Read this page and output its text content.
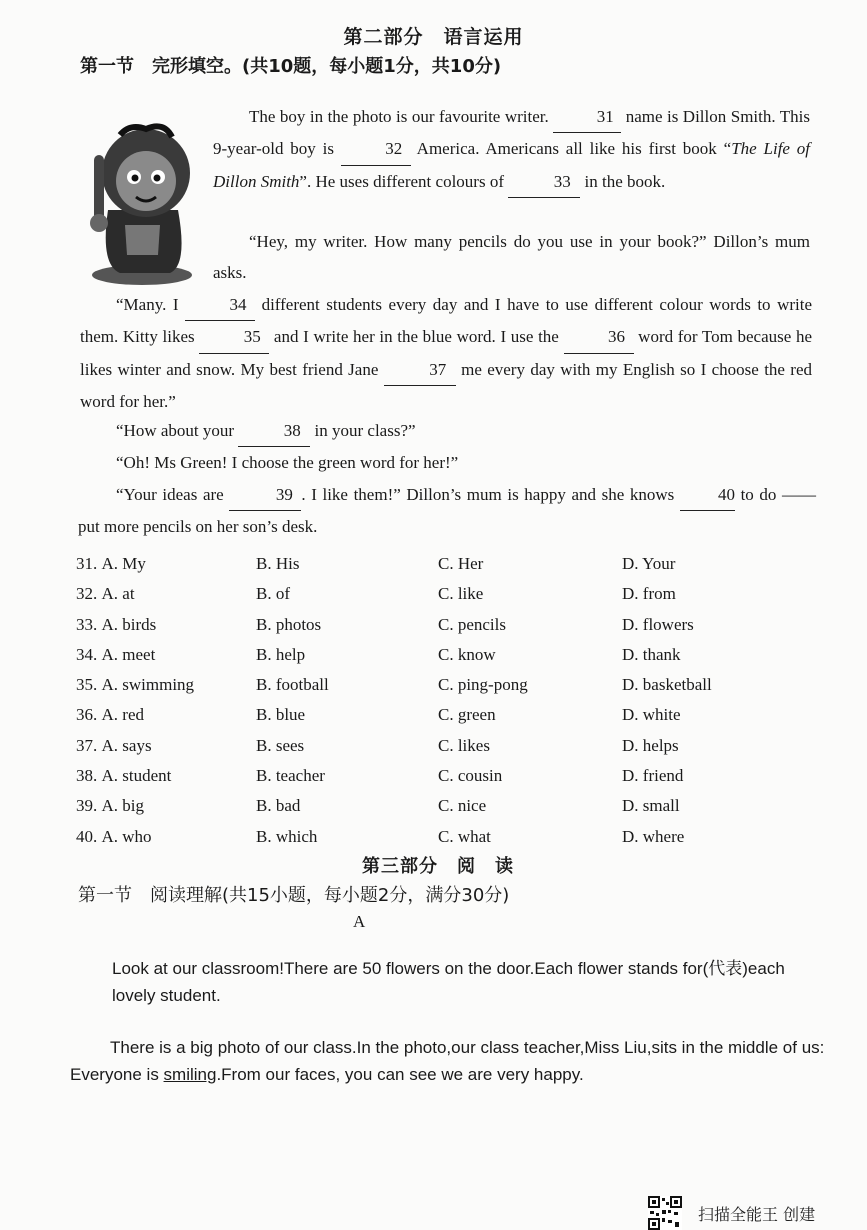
第二部分　语言运用
第一节　完形填空。(共10题，每小题1分，共10分)
The boy in the photo is our favourite writer.	31 name is Dillon Smith. This 9-year-old boy is	32 America. Americans all like his first book “The Life of Dillon Smith”. He uses different colours of	33 in the book.
“Hey, my writer. How many pencils do you use in your book?” Dillon’s mum asks.
“Many. I	34 different students every day and I have to use different colour words to write them. Kitty likes	35 and I write her in the blue word. I use the	36 word for Tom because he likes winter and snow. My best friend Jane	37 me every day with my English so I choose the red word for her.”
“How about your	38 in your class?”
“Oh! Ms Green! I choose the green word for her!”
“Your ideas are	39 . I like them!” Dillon’s mum is happy and she knows	40 to do —— put more pencils on her son’s desk.
31. A. My	B. His	C. Her	D. Your
32. A. at	B. of	C. like	D. from
33. A. birds	B. photos	C. pencils	D. flowers
34. A. meet	B. help	C. know	D. thank
35. A. swimming	B. football	C. ping-pong	D. basketball
36. A. red	B. blue	C. green	D. white
37. A. says	B. sees	C. likes	D. helps
38. A. student	B. teacher	C. cousin	D. friend
39. A. big	B. bad	C. nice	D. small
40. A. who	B. which	C. what	D. where
第三部分　阅　读
第一节　阅读理解(共15小题，每小题2分，满分30分)
A
Look at our classroom!There are 50 flowers on the door.Each flower stands for(代表)each lovely student.
There is a big photo of our class.In the photo,our class teacher,Miss Liu,sits in the middle of us: Everyone is smiling.From our faces, you can see we are very happy.
扫描全能王 创建
